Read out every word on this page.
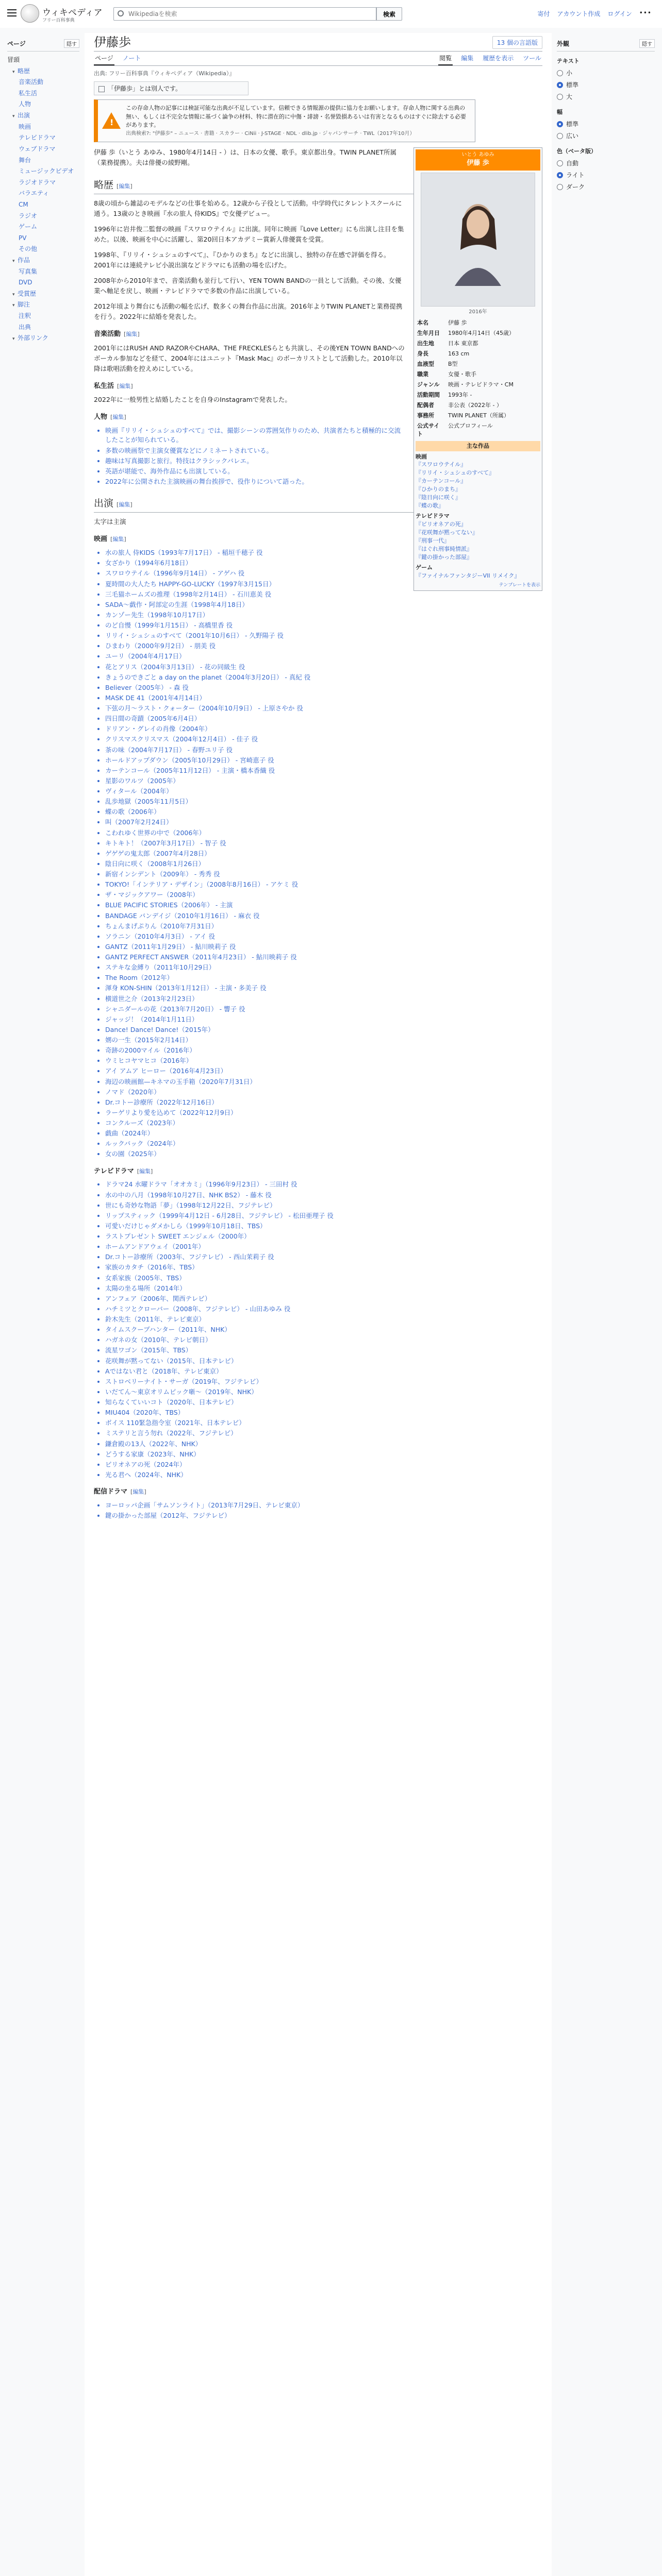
ウィキペディア
フリー百科事典
Wikipediaを検索
検索	寄付 アカウント作成 ログイン •••
ページ	隠す
冒頭
▾ 略歴
音楽活動
私生活
人物
▾ 出演
映画
テレビドラマ
ウェブドラマ
舞台
ミュージックビデオ
ラジオドラマ
バラエティ
CM
ラジオ
ゲーム
PV
その他
▾ 作品
写真集
DVD
▾ 受賞歴
▾ 脚注
注釈
出典
▾ 外部リンク
伊藤歩	13 個の言語版
ページ ノート	閲覧 編集 履歴を表示 ツール
出典: フリー百科事典『ウィキペディア（Wikipedia）』
「伊藤歩」とは別人です。
!
この存命人物の記事には検証可能な出典が不足しています。信頼できる情報源の提供に協力をお願いします。存命人物に関する出典の無い、もしくは不完全な情報に基づく論争の材料、特に潜在的に中傷・誹謗・名誉毀損あるいは有害となるものはすぐに除去する必要があります。
出典検索?: "伊藤歩" – ニュース · 書籍 · スカラー · CiNii · J-STAGE · NDL · dlib.jp · ジャパンサーチ · TWL（2017年10月）
いとう あゆみ
伊藤 歩
2016年
本名	伊藤 歩
生年月日	1980年4月14日（45歳）
出生地	日本 東京都
身長	163 cm
血液型	B型
職業	女優・歌手
ジャンル	映画・テレビドラマ・CM
活動期間	1993年 -
配偶者	非公表（2022年 - ）
事務所	TWIN PLANET（所属）
公式サイト	公式プロフィール
主な作品
映画
『スワロウテイル』
『リリイ・シュシュのすべて』
『カーテンコール』
『ひかりのまち』
『陰日向に咲く』
『蝶の歌』
テレビドラマ
『ビリオネアの死』
『花咲舞が黙ってない』
『刑事一代』
『はぐれ刑事純情派』
『鍵の掛かった部屋』
ゲーム
『ファイナルファンタジーVII リメイク』
テンプレートを表示

伊藤 歩（いとう あゆみ、1980年4月14日 - ）は、日本の女優、歌手。東京都出身。TWIN PLANET所属（業務提携）。夫は俳優の綾野剛。

略歴 [編集]

8歳の頃から雑誌のモデルなどの仕事を始める。12歳から子役として活動。中学時代にタレントスクールに通う。13歳のとき映画『水の旅人 侍KIDS』で女優デビュー。

1996年に岩井俊二監督の映画『スワロウテイル』に出演。同年に映画『Love Letter』にも出演し注目を集めた。以後、映画を中心に活躍し、第20回日本アカデミー賞新人俳優賞を受賞。

1998年、『リリイ・シュシュのすべて』、『ひかりのまち』などに出演し、独特の存在感で評価を得る。2001年には連続テレビ小説出演などドラマにも活動の場を広げた。

2008年から2010年まで、音楽活動も並行して行い、YEN TOWN BANDの一員として活動。その後、女優業へ軸足を戻し、映画・テレビドラマで多数の作品に出演している。

2012年頃より舞台にも活動の幅を広げ、数多くの舞台作品に出演。2016年よりTWIN PLANETと業務提携を行う。2022年に結婚を発表した。

音楽活動 [編集]

2001年にはRUSH AND RAZORやCHARA、THE FRECKLESらとも共演し、その後YEN TOWN BANDへのボーカル参加などを経て、2004年にはユニット『Mask Mac』のボーカリストとして活動した。2010年以降は歌唱活動を控えめにしている。

私生活 [編集]

2022年に一般男性と結婚したことを自身のInstagramで発表した。

人物 [編集]
• 映画『リリイ・シュシュのすべて』では、撮影シーンの雰囲気作りのため、共演者たちと積極的に交流したことが知られている。
• 多数の映画祭で主演女優賞などにノミネートされている。
• 趣味は写真撮影と旅行。特技はクラシックバレエ。
• 英語が堪能で、海外作品にも出演している。
• 2022年に公開された主演映画の舞台挨拶で、役作りについて語った。
出演 [編集]

太字は主演

映画 [編集]
• 水の旅人 侍KIDS（1993年7月17日） - 稲垣千穂子 役
• 女ざかり（1994年6月18日）
• スワロウテイル（1996年9月14日） - アゲハ 役
• 夏時間の大人たち HAPPY-GO-LUCKY（1997年3月15日）
• 三毛猫ホームズの推理（1998年2月14日） - 石川恵美 役
• SADA〜戯作・阿部定の生涯（1998年4月18日）
• カンゾー先生（1998年10月17日）
• のど自慢（1999年1月15日） - 高橋里香 役
• リリイ・シュシュのすべて（2001年10月6日） - 久野陽子 役
• ひまわり（2000年9月2日） - 朋美 役
• ユーリ（2004年4月17日）
• 花とアリス（2004年3月13日） - 花の同級生 役
• きょうのできごと a day on the planet（2004年3月20日） - 真紀 役
• Believer（2005年） - 森 役
• MASK DE 41（2001年4月14日）
• 下弦の月〜ラスト・クォーター（2004年10月9日） - 上原さやか 役
• 四日間の奇蹟（2005年6月4日）
• ドリアン・グレイの肖像（2004年）
• クリスマスクリスマス（2004年12月4日） - 佳子 役
• 茶の味（2004年7月17日） - 春野ユリ子 役
• ホールドアップダウン（2005年10月29日） - 宮崎恵子 役
• カーテンコール（2005年11月12日） - 主演・橋本香織 役
• 星影のワルツ（2005年）
• ヴィタール（2004年）
• 乱歩地獄（2005年11月5日）
• 蝶の歌（2006年）
• 叫（2007年2月24日）
• こわれゆく世界の中で（2006年）
• キトキト！（2007年3月17日） - 智子 役
• ゲゲゲの鬼太郎（2007年4月28日）
• 陰日向に咲く（2008年1月26日）
• 新宿インシデント（2009年） - 秀秀 役
• TOKYO!「インテリア・デザイン」（2008年8月16日） - アケミ 役
• ザ・マジックアワー（2008年）
• BLUE PACIFIC STORIES（2006年） - 主演
• BANDAGE バンデイジ（2010年1月16日） - 麻衣 役
• ちょんまげぷりん（2010年7月31日）
• ソラニン（2010年4月3日） - アイ 役
• GANTZ（2011年1月29日） - 鮎川映莉子 役
• GANTZ PERFECT ANSWER（2011年4月23日） - 鮎川映莉子 役
• ステキな金縛り（2011年10月29日）
• The Room（2012年）
• 渾身 KON-SHIN（2013年1月12日） - 主演・多美子 役
• 横道世之介（2013年2月23日）
• シャニダールの花（2013年7月20日） - 響子 役
• ジャッジ！（2014年1月11日）
• Dance! Dance! Dance!（2015年）
• 娚の一生（2015年2月14日）
• 奇跡の2000マイル（2016年）
• ウミヒコヤマヒコ（2016年）
• アイ アムア ヒーロー（2016年4月23日）
• 海辺の映画館—キネマの玉手箱（2020年7月31日）
• ノマド（2020年）
• Dr.コトー診療所（2022年12月16日）
• ラーゲリより愛を込めて（2022年12月9日）
• コンクルーズ（2023年）
• 戯曲（2024年）
• ルックバック（2024年）
• 女の園（2025年）
テレビドラマ [編集]
• ドラマ24 水曜ドラマ「オオカミ」（1996年9月23日） - 三田村 役
• 水の中の八月（1998年10月27日、NHK BS2） - 藤木 役
• 世にも奇妙な物語「夢」（1998年12月22日、フジテレビ）
• リップスティック（1999年4月12日 - 6月28日、フジテレビ） - 松田亜理子 役
• 可愛いだけじゃダメかしら（1999年10月18日、TBS）
• ラストプレゼント SWEET エンジェル（2000年）
• ホームアンドアウェイ（2001年）
• Dr.コトー診療所（2003年、フジテレビ） - 西山茉莉子 役
• 家族のカタチ（2016年、TBS）
• 女系家族（2005年、TBS）
• 太陽の坐る場所（2014年）
• アンフェア（2006年、関西テレビ）
• ハチミツとクローバー（2008年、フジテレビ） - 山田あゆみ 役
• 鈴木先生（2011年、テレビ東京）
• タイムスクープハンター（2011年、NHK）
• ハガネの女（2010年、テレビ朝日）
• 流星ワゴン（2015年、TBS）
• 花咲舞が黙ってない（2015年、日本テレビ）
• Aではない君と（2018年、テレビ東京）
• ストロベリーナイト・サーガ（2019年、フジテレビ）
• いだてん〜東京オリムピック噺〜（2019年、NHK）
• 知らなくていいコト（2020年、日本テレビ）
• MIU404（2020年、TBS）
• ボイス 110緊急指令室（2021年、日本テレビ）
• ミステリと言う勿れ（2022年、フジテレビ）
• 鎌倉殿の13人（2022年、NHK）
• どうする家康（2023年、NHK）
• ビリオネアの死（2024年）
• 光る君へ（2024年、NHK）
配信ドラマ [編集]
• ヨーロッパ企画「サムソンライト」（2013年7月29日、テレビ東京）
• 鍵の掛かった部屋（2012年、フジテレビ）
外観	隠す
テキスト
小
標準
大
幅
標準
広い
色（ベータ版）
自動
ライト
ダーク
